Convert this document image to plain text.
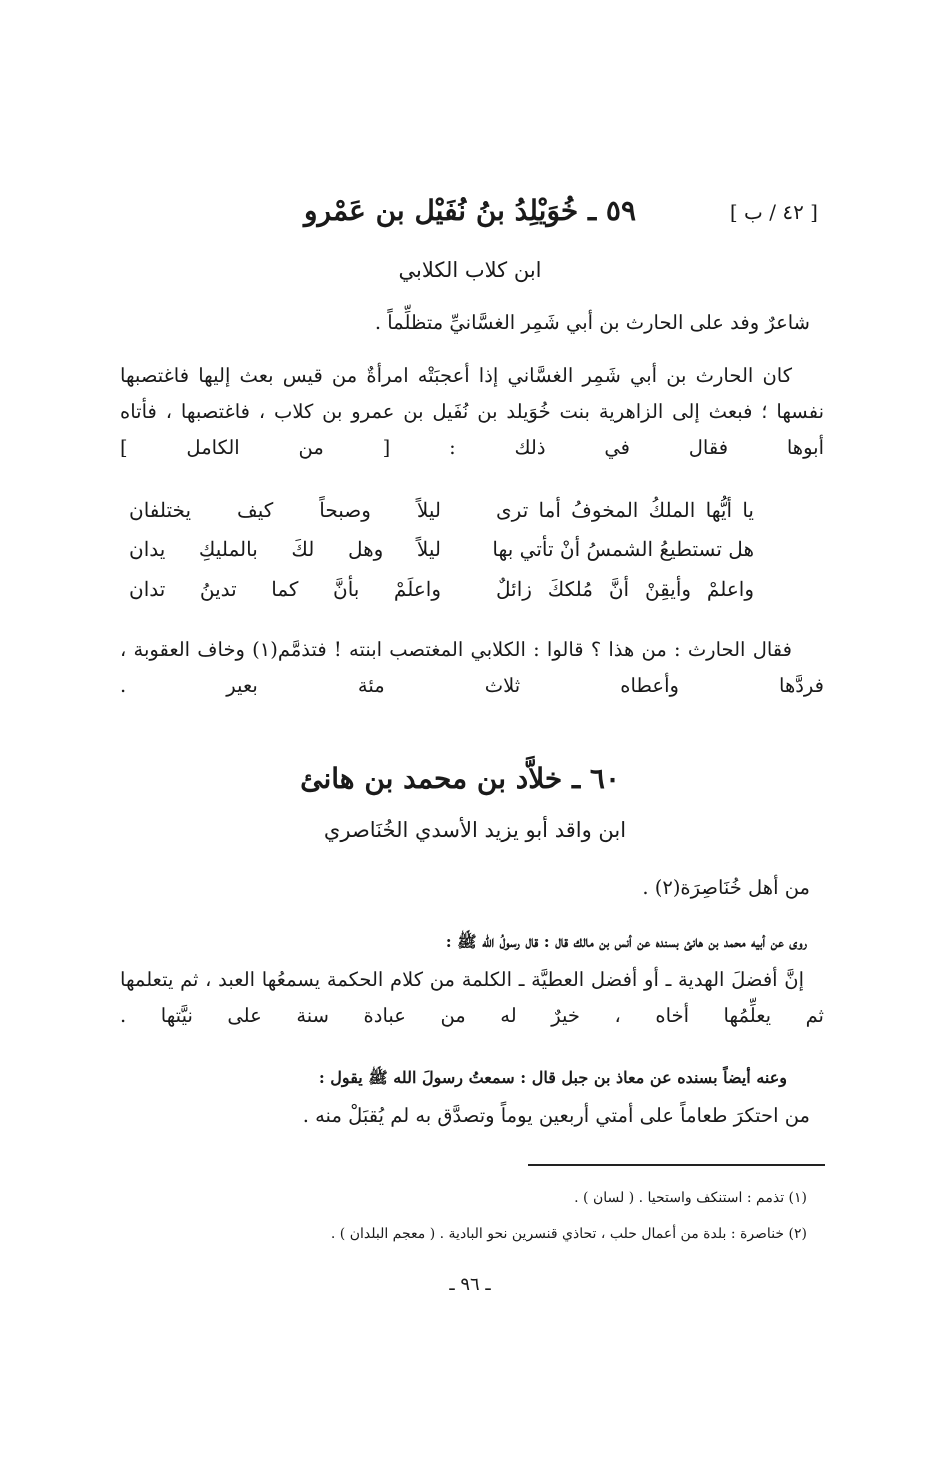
[ ٤٢ / ب ]
٥٩ ـ خُوَيْلِدُ بنُ نُفَيْل بن عَمْرو
ابن كلاب الكلابي
شاعرٌ وفد على الحارث بن أبي شَمِر الغسَّانيِّ متظلِّماً .
كان الحارث بن أبي شَمِر الغسَّاني إذا أعجبَتْه امرأةٌ من قيس بعث إليها فاغتصبها نفسها ؛ فبعث إلى الزاهرية بنت خُوَيلد بن نُفَيل بن عمرو بن كلاب ، فاغتصبها ، فأتاه أبوها فقال في ذلك : [ من الكامل ]
يا أيُّها الملكُ المخوفُ أما ترى
ليلاً وصبحاً كيف يختلفان
هل تستطيعُ الشمسُ أنْ تأتي بها
ليلاً وهل لكَ بالمليكِ يدان
واعلمْ وأيقِنْ أنَّ مُلككَ زائلٌ
واعلَمْ بأنَّ كما تدينُ تدان
فقال الحارث : من هذا ؟ قالوا : الكلابي المغتصب ابنته ! فتذمَّم(١) وخاف العقوبة ، فردَّها وأعطاه ثلاث مئة بعير .
٦٠ ـ خلاَّد بن محمد بن هانئ
ابن واقد أبو يزيد الأسدي الخُنَاصري
من أهل خُنَاصِرَة(٢) .
روى عن أبيه محمد بن هانئ بسنده عن أنس بن مالك قال : قال رسولُ الله ﷺ :
إنَّ أفضلَ الهدية ـ أو أفضل العطيَّة ـ الكلمة من كلام الحكمة يسمعُها العبد ، ثم يتعلمها ثم يعلِّمُها أخاه ، خيرٌ له من عبادة سنة على نيَّتها .
وعنه أيضاً بسنده عن معاذ بن جبل قال : سمعتُ رسولَ الله ﷺ يقول :
من احتكرَ طعاماً على أمتي أربعين يوماً وتصدَّق به لم يُقبَلْ منه .
(١) تذمم : استنكف واستحيا . ( لسان ) .
(٢) خناصرة : بلدة من أعمال حلب ، تحاذي قنسرين نحو البادية . ( معجم البلدان ) .
ـ ٩٦ ـ
